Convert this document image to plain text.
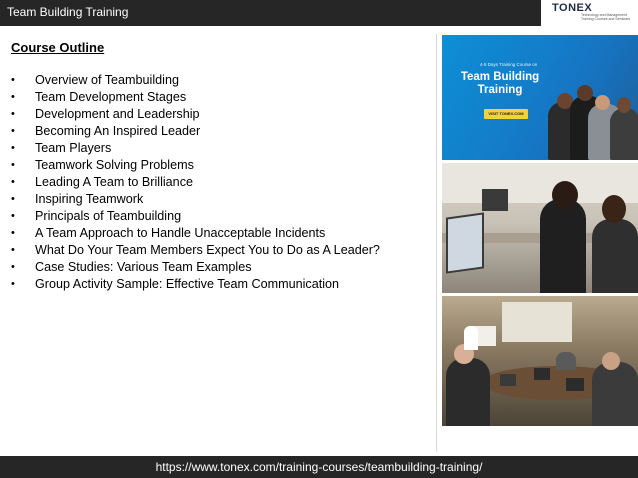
Team Building Training	TONEX
Technology and Management Training Courses and Seminars
Course Outline
•	Overview of Teambuilding
•	Team Development Stages
•	Development and Leadership
•	Becoming An Inspired Leader
•	Team Players
•	Teamwork Solving Problems
•	Leading A Team to Brilliance
•	Inspiring Teamwork
•	Principals of Teambuilding
•	A Team Approach to Handle Unacceptable Incidents
•	What Do Your Team Members Expect You to Do as A Leader?
•	Case Studies: Various Team Examples
•	Group Activity Sample: Effective Team Communication
4-5 Days Training Course on
Team Building Training
VISIT TONEX.COM
https://www.tonex.com/training-courses/teambuilding-training/
